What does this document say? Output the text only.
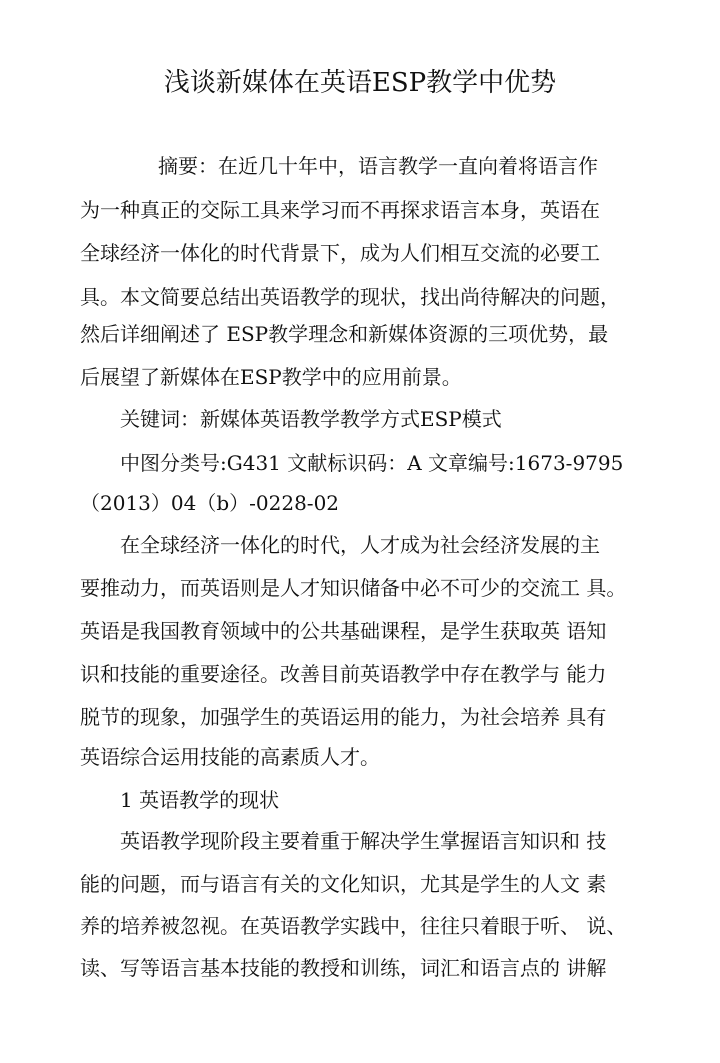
浅谈新媒体在英语ESP教学中优势
摘要：在近几十年中，语言教学一直向着将语言作
为一种真正的交际工具来学习而不再探求语言本身，英语在
全球经济一体化的时代背景下，成为人们相互交流的必要工
具。本文简要总结出英语教学的现状，找出尚待解决的问题，
然后详细阐述了 ESP教学理念和新媒体资源的三项优势，最
后展望了新媒体在ESP教学中的应用前景。
关键词：新媒体英语教学教学方式ESP模式
中图分类号:G431 文献标识码：A 文章编号:1673-9795
（2013）04（b）-0228-02
在全球经济一体化的时代，人才成为社会经济发展的主
要推动力，而英语则是人才知识储备中必不可少的交流工 具。
英语是我国教育领域中的公共基础课程，是学生获取英 语知
识和技能的重要途径。改善目前英语教学中存在教学与 能力
脱节的现象，加强学生的英语运用的能力，为社会培养 具有
英语综合运用技能的高素质人才。
1 英语教学的现状
英语教学现阶段主要着重于解决学生掌握语言知识和 技
能的问题，而与语言有关的文化知识，尤其是学生的人文 素
养的培养被忽视。在英语教学实践中，往往只着眼于听、 说、
读、写等语言基本技能的教授和训练，词汇和语言点的 讲解
